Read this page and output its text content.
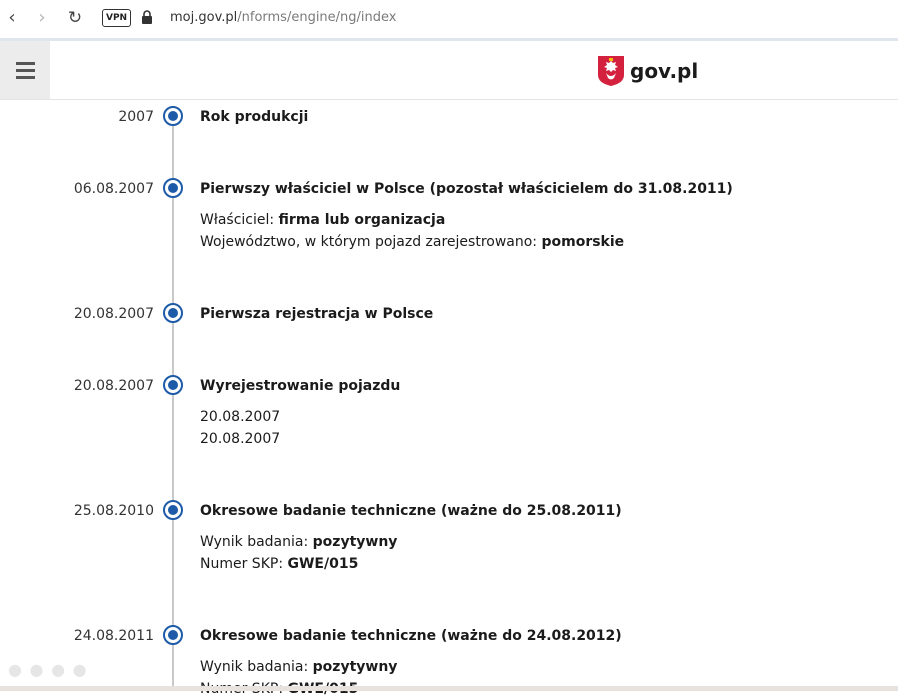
‹	›	↻	VPN	moj.gov.pl/nforms/engine/ng/index
gov.pl
2007	Rok produkcji
06.08.2007	Pierwszy właściciel w Polsce (pozostał właścicielem do 31.08.2011)
Właściciel: firma lub organizacja
Województwo, w którym pojazd zarejestrowano: pomorskie
20.08.2007	Pierwsza rejestracja w Polsce
20.08.2007	Wyrejestrowanie pojazdu
20.08.2007
20.08.2007
25.08.2010	Okresowe badanie techniczne (ważne do 25.08.2011)
Wynik badania: pozytywny
Numer SKP: GWE/015
24.08.2011	Okresowe badanie techniczne (ważne do 24.08.2012)
Wynik badania: pozytywny
● ● ● ●
